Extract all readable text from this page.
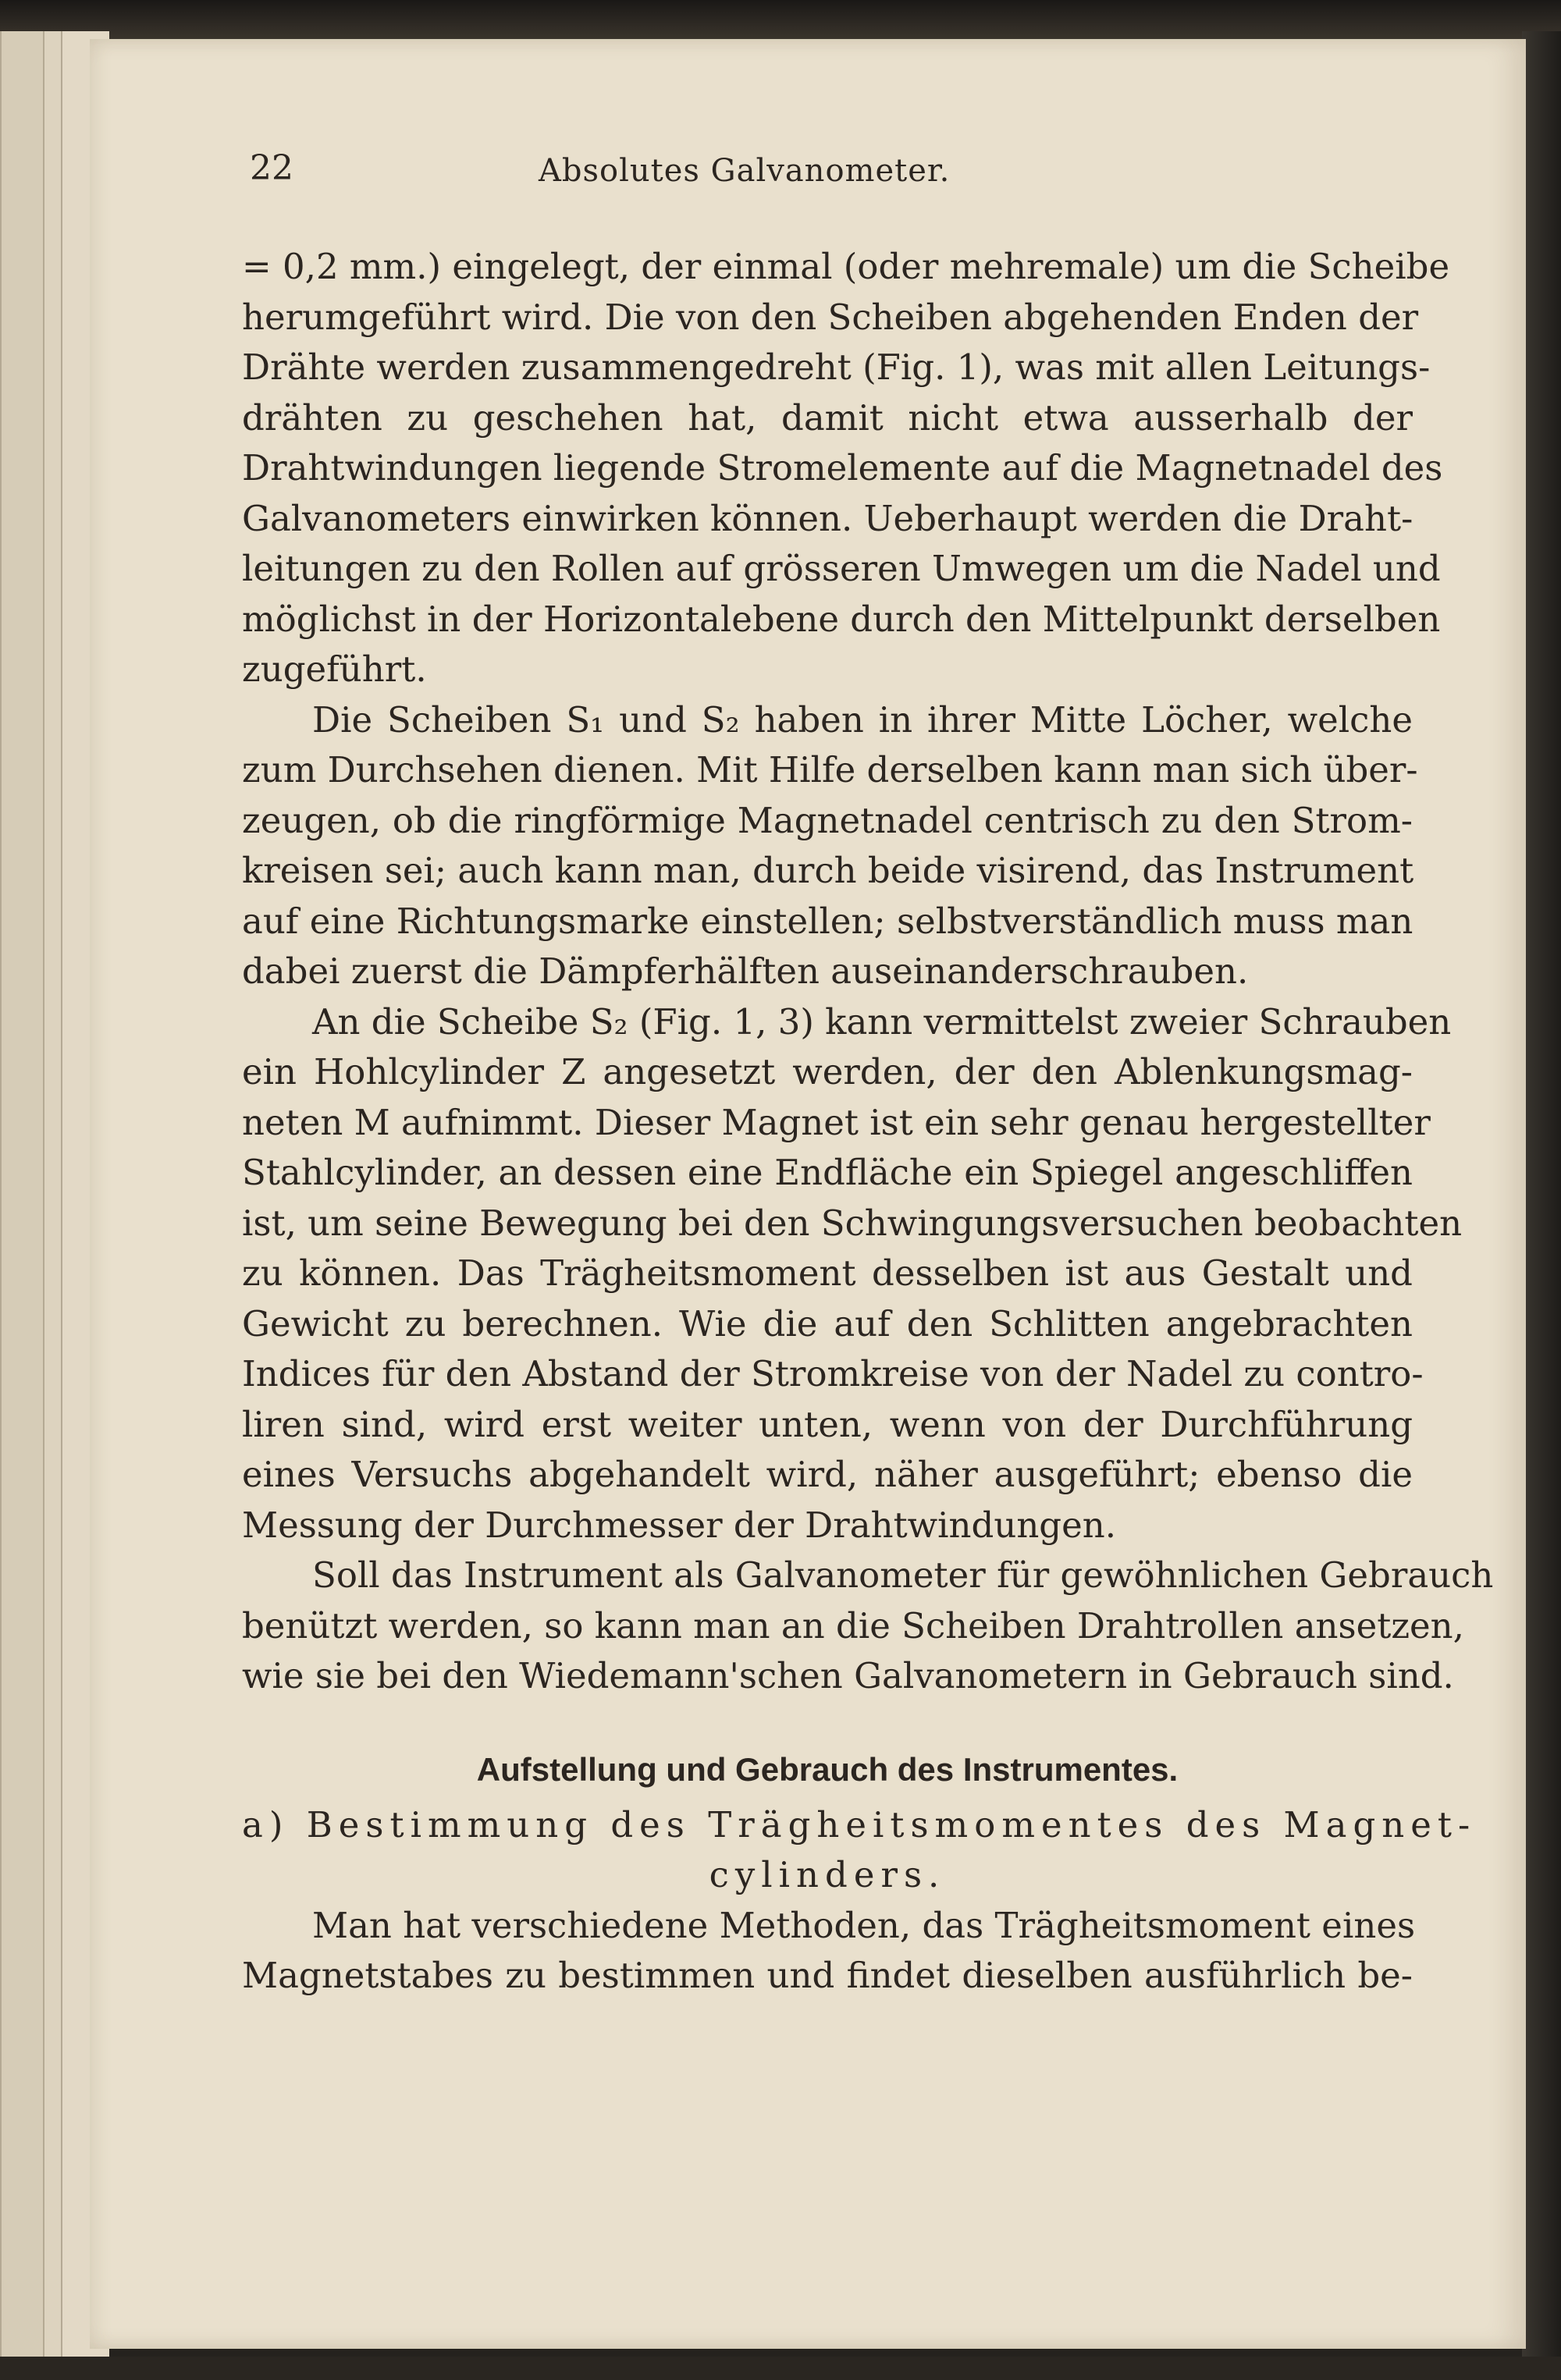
22	Absolutes Galvanometer.
= 0,2 mm.) eingelegt, der einmal (oder mehremale) um die Scheibe
herumgeführt wird. Die von den Scheiben abgehenden Enden der
Drähte werden zusammengedreht (Fig. 1), was mit allen Leitungs-
drähten zu geschehen hat, damit nicht etwa ausserhalb der
Drahtwindungen liegende Stromelemente auf die Magnetnadel des
Galvanometers einwirken können. Ueberhaupt werden die Draht-
leitungen zu den Rollen auf grösseren Umwegen um die Nadel und
möglichst in der Horizontalebene durch den Mittelpunkt derselben
zugeführt.
Die Scheiben S₁ und S₂ haben in ihrer Mitte Löcher, welche
zum Durchsehen dienen. Mit Hilfe derselben kann man sich über-
zeugen, ob die ringförmige Magnetnadel centrisch zu den Strom-
kreisen sei; auch kann man, durch beide visirend, das Instrument
auf eine Richtungsmarke einstellen; selbstverständlich muss man
dabei zuerst die Dämpferhälften auseinanderschrauben.
An die Scheibe S₂ (Fig. 1, 3) kann vermittelst zweier Schrauben
ein Hohlcylinder Z angesetzt werden, der den Ablenkungsmag-
neten M aufnimmt. Dieser Magnet ist ein sehr genau hergestellter
Stahlcylinder, an dessen eine Endfläche ein Spiegel angeschliffen
ist, um seine Bewegung bei den Schwingungsversuchen beobachten
zu können. Das Trägheitsmoment desselben ist aus Gestalt und
Gewicht zu berechnen. Wie die auf den Schlitten angebrachten
Indices für den Abstand der Stromkreise von der Nadel zu contro-
liren sind, wird erst weiter unten, wenn von der Durchführung
eines Versuchs abgehandelt wird, näher ausgeführt; ebenso die
Messung der Durchmesser der Drahtwindungen.
Soll das Instrument als Galvanometer für gewöhnlichen Gebrauch
benützt werden, so kann man an die Scheiben Drahtrollen ansetzen,
wie sie bei den Wiedemann'schen Galvanometern in Gebrauch sind.
Aufstellung und Gebrauch des Instrumentes.
a) Bestimmung des Trägheitsmomentes des Magnet-
cylinders.
Man hat verschiedene Methoden, das Trägheitsmoment eines
Magnetstabes zu bestimmen und findet dieselben ausführlich be-
